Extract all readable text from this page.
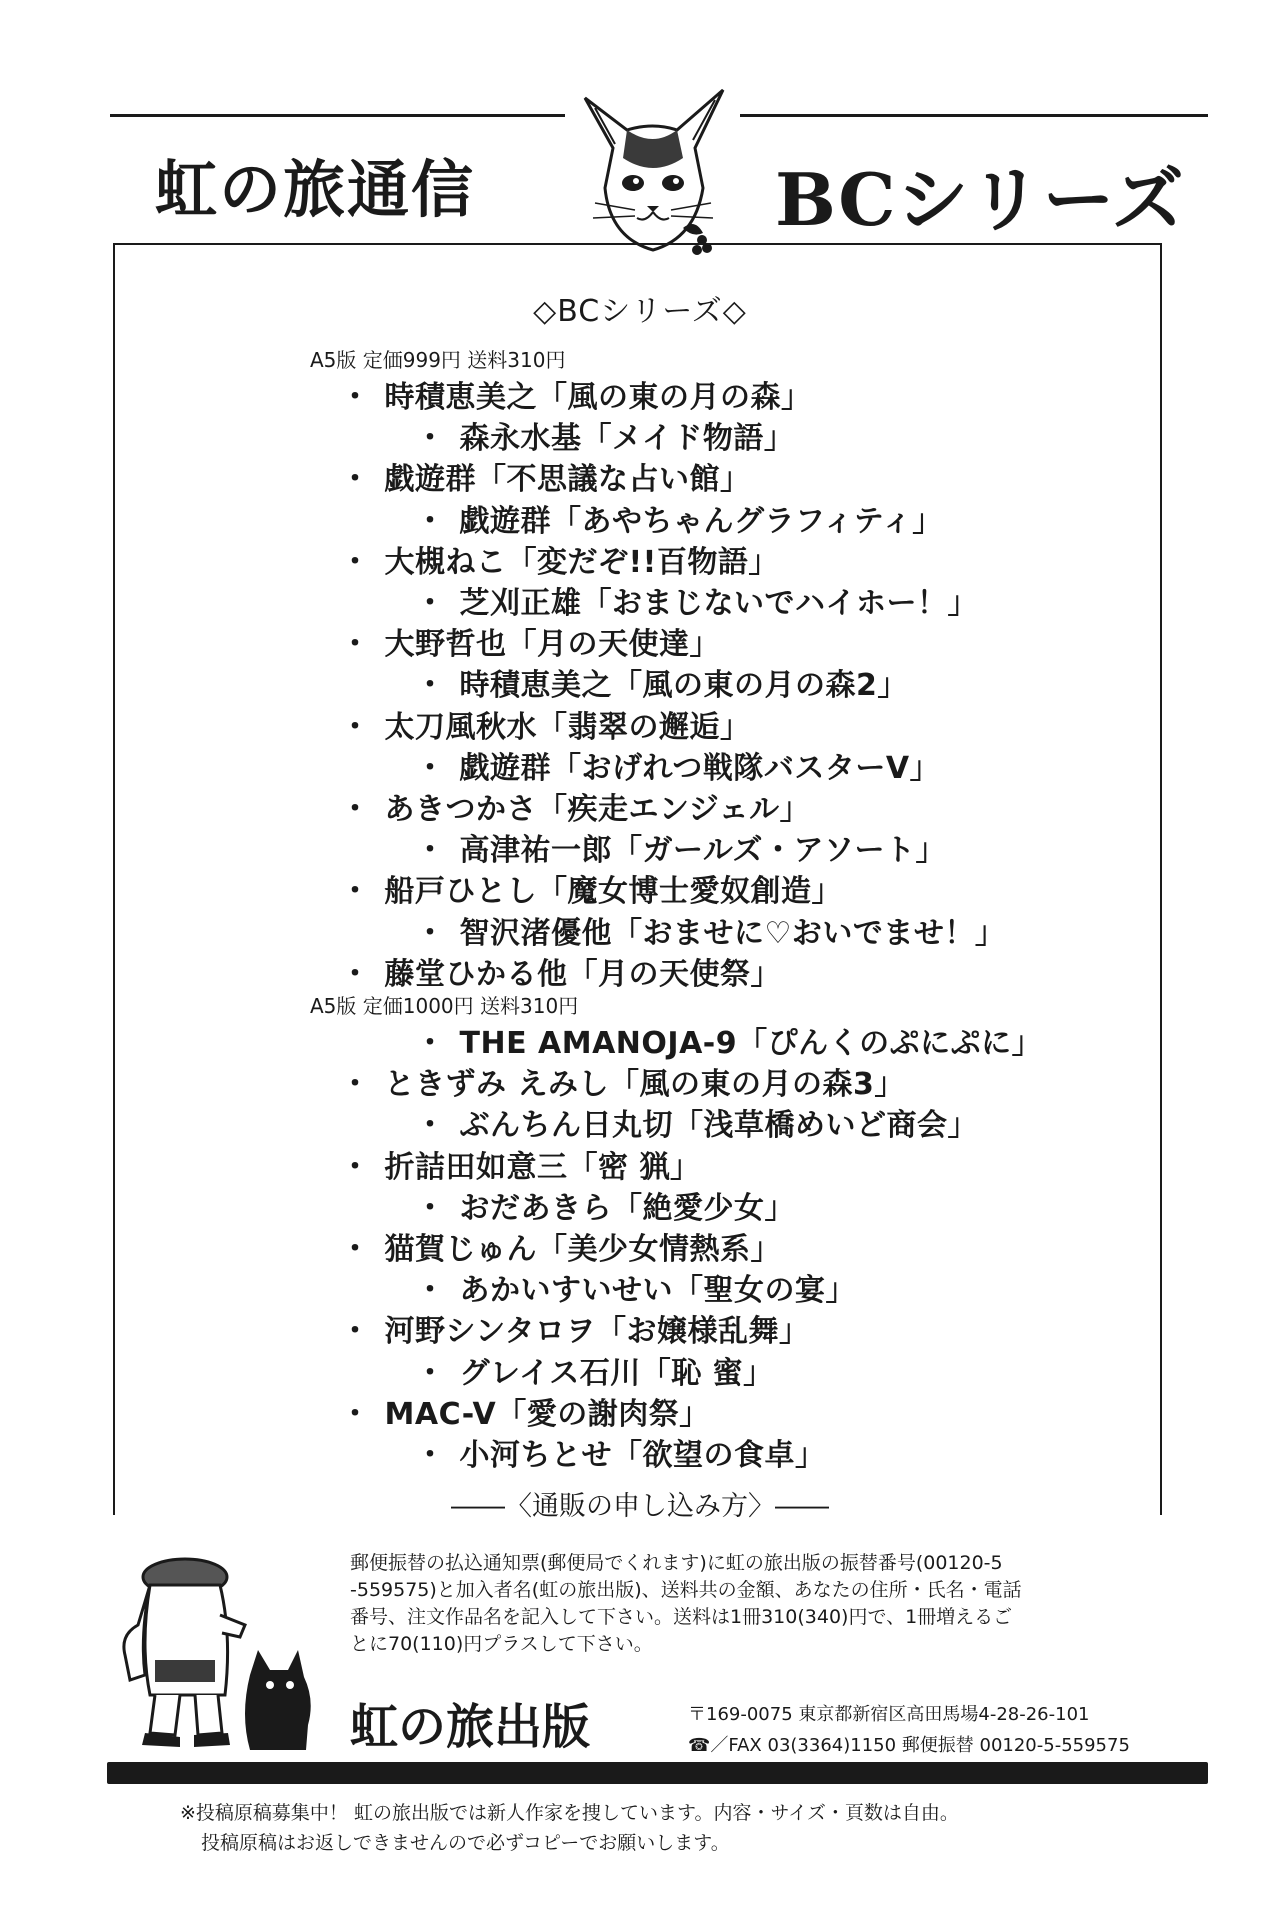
虹の旅通信	BCシリーズ
◇BCシリーズ◇
A5版 定価999円 送料310円
・ 時積恵美之「風の東の月の森」
・ 森永水基「メイド物語」
・ 戯遊群「不思議な占い館」
・ 戯遊群「あやちゃんグラフィティ」
・ 大槻ねこ「変だぞ!!百物語」
・ 芝刈正雄「おまじないでハイホー！」
・ 大野哲也「月の天使達」
・ 時積恵美之「風の東の月の森2」
・ 太刀風秋水「翡翠の邂逅」
・ 戯遊群「おげれつ戦隊バスターV」
・ あきつかさ「疾走エンジェル」
・ 高津祐一郎「ガールズ・アソート」
・ 船戸ひとし「魔女博士愛奴創造」
・ 智沢渚優他「おませに♡おいでませ！」
・ 藤堂ひかる他「月の天使祭」
A5版 定価1000円 送料310円
・ THE AMANOJA-9「ぴんくのぷにぷに」
・ ときずみ えみし「風の東の月の森3」
・ ぶんちん日丸切「浅草橋めいど商会」
・ 折詰田如意三「密 猟」
・ おだあきら「絶愛少女」
・ 猫賀じゅん「美少女情熱系」
・ あかいすいせい「聖女の宴」
・ 河野シンタロヲ「お嬢様乱舞」
・ グレイス石川「恥 蜜」
・ MAC-V「愛の謝肉祭」
・ 小河ちとせ「欲望の食卓」
――〈通販の申し込み方〉――
郵便振替の払込通知票(郵便局でくれます)に虹の旅出版の振替番号(00120-5
-559575)と加入者名(虹の旅出版)、送料共の金額、あなたの住所・氏名・電話
番号、注文作品名を記入して下さい。送料は1冊310(340)円で、1冊増えるご
とに70(110)円プラスして下さい。
虹の旅出版	〒169-0075 東京都新宿区高田馬場4-28-26-101
☎／FAX 03(3364)1150 郵便振替 00120-5-559575
※投稿原稿募集中！ 虹の旅出版では新人作家を捜しています。内容・サイズ・頁数は自由。
投稿原稿はお返しできませんので必ずコピーでお願いします。
